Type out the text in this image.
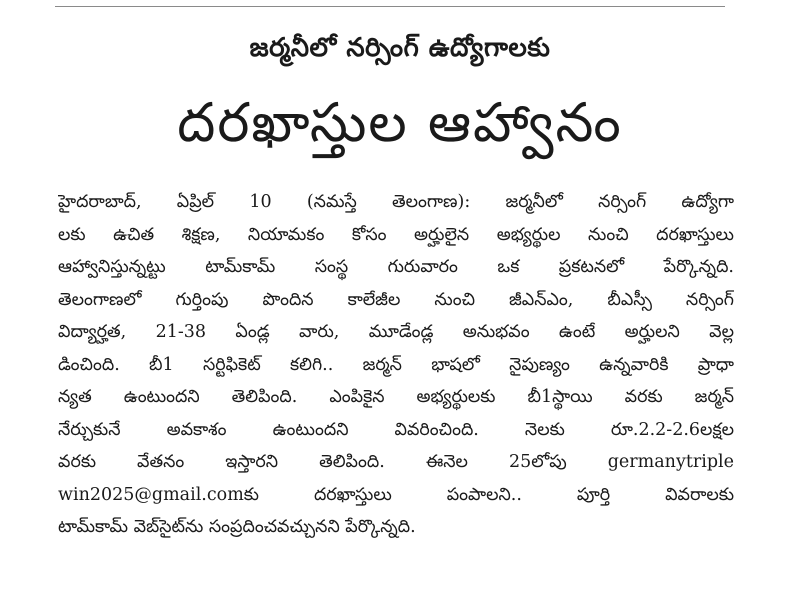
జర్మనీలో నర్సింగ్ ఉద్యోగాలకు
దరఖాస్తుల ఆహ్వానం
హైదరాబాద్, ఏప్రిల్ 10 (నమస్తే తెలంగాణ): జర్మనీలో నర్సింగ్ ఉద్యోగా
లకు ఉచిత శిక్షణ, నియామకం కోసం అర్హులైన అభ్యర్థుల నుంచి దరఖాస్తులు
ఆహ్వానిస్తున్నట్టు టామ్‌కామ్ సంస్థ గురువారం ఒక ప్రకటనలో పేర్కొన్నది.
తెలంగాణలో గుర్తింపు పొందిన కాలేజీల నుంచి జీఎన్ఎం, బీఎస్సీ నర్సింగ్
విద్యార్హత, 21-38 ఏండ్ల వారు, మూడేండ్ల అనుభవం ఉంటే అర్హులని వెల్ల
డించింది. బీ1 సర్టిఫికెట్ కలిగి.. జర్మన్ భాషలో నైపుణ్యం ఉన్నవారికి ప్రాధా
న్యత ఉంటుందని తెలిపింది. ఎంపికైన అభ్యర్థులకు బీ1స్థాయి వరకు జర్మన్
నేర్చుకునే అవకాశం ఉంటుందని వివరించింది. నెలకు రూ.2.2-2.6లక్షల
వరకు వేతనం ఇస్తారని తెలిపింది. ఈనెల 25లోపు germanytriple
win2025@gmail.comకు దరఖాస్తులు పంపాలని.. పూర్తి వివరాలకు
టామ్‌కామ్ వెబ్‌సైట్‌ను సంప్రదించవచ్చునని పేర్కొన్నది.
